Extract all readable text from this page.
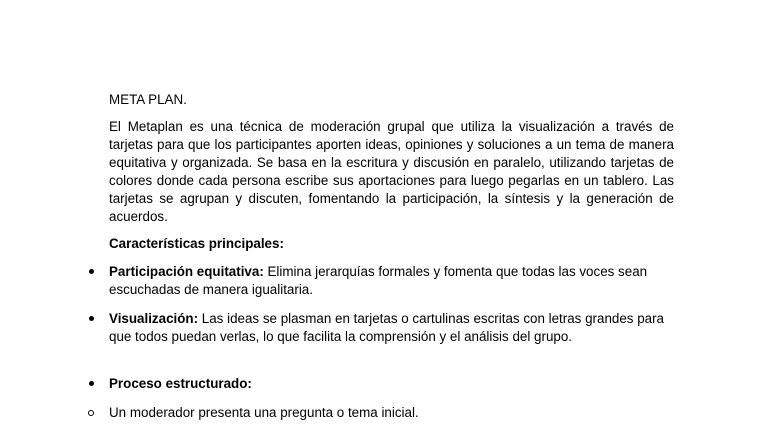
META PLAN.

El Metaplan es una técnica de moderación grupal que utiliza la visualización a través de tarjetas para que los participantes aporten ideas, opiniones y soluciones a un tema de manera equitativa y organizada. Se basa en la escritura y discusión en paralelo, utilizando tarjetas de colores donde cada persona escribe sus aportaciones para luego pegarlas en un tablero. Las tarjetas se agrupan y discuten, fomentando la participación, la síntesis y la generación de acuerdos.

Características principales:

Participación equitativa: Elimina jerarquías formales y fomenta que todas las voces sean escuchadas de manera igualitaria.

Visualización: Las ideas se plasman en tarjetas o cartulinas escritas con letras grandes para que todos puedan verlas, lo que facilita la comprensión y el análisis del grupo.

Proceso estructurado:

Un moderador presenta una pregunta o tema inicial.
